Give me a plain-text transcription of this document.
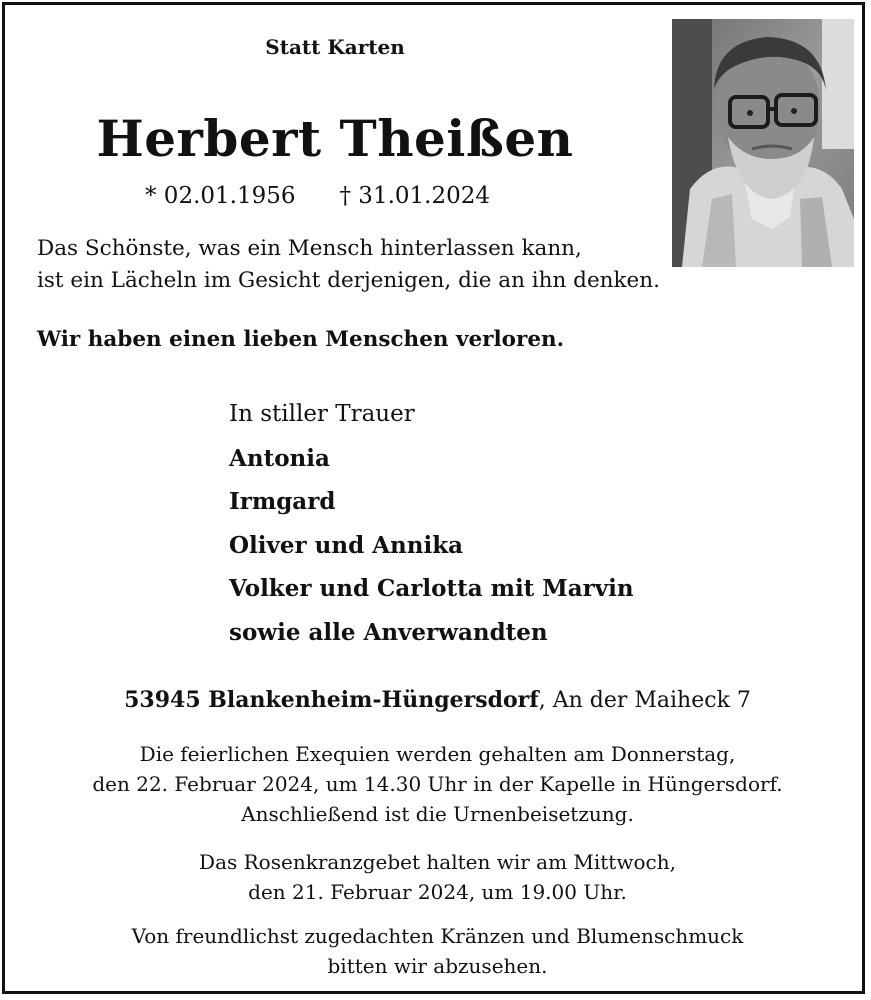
Statt Karten
Herbert Theißen
* 02.01.1956 † 31.01.2024
Das Schönste, was ein Mensch hinterlassen kann,
ist ein Lächeln im Gesicht derjenigen, die an ihn denken.
Wir haben einen lieben Menschen verloren.
In stiller Trauer
Antonia
Irmgard
Oliver und Annika
Volker und Carlotta mit Marvin
sowie alle Anverwandten
53945 Blankenheim-Hüngersdorf, An der Maiheck 7
Die feierlichen Exequien werden gehalten am Donnerstag,
den 22. Februar 2024, um 14.30 Uhr in der Kapelle in Hüngersdorf.
Anschließend ist die Urnenbeisetzung.
Das Rosenkranzgebet halten wir am Mittwoch,
den 21. Februar 2024, um 19.00 Uhr.
Von freundlichst zugedachten Kränzen und Blumenschmuck
bitten wir abzusehen.
